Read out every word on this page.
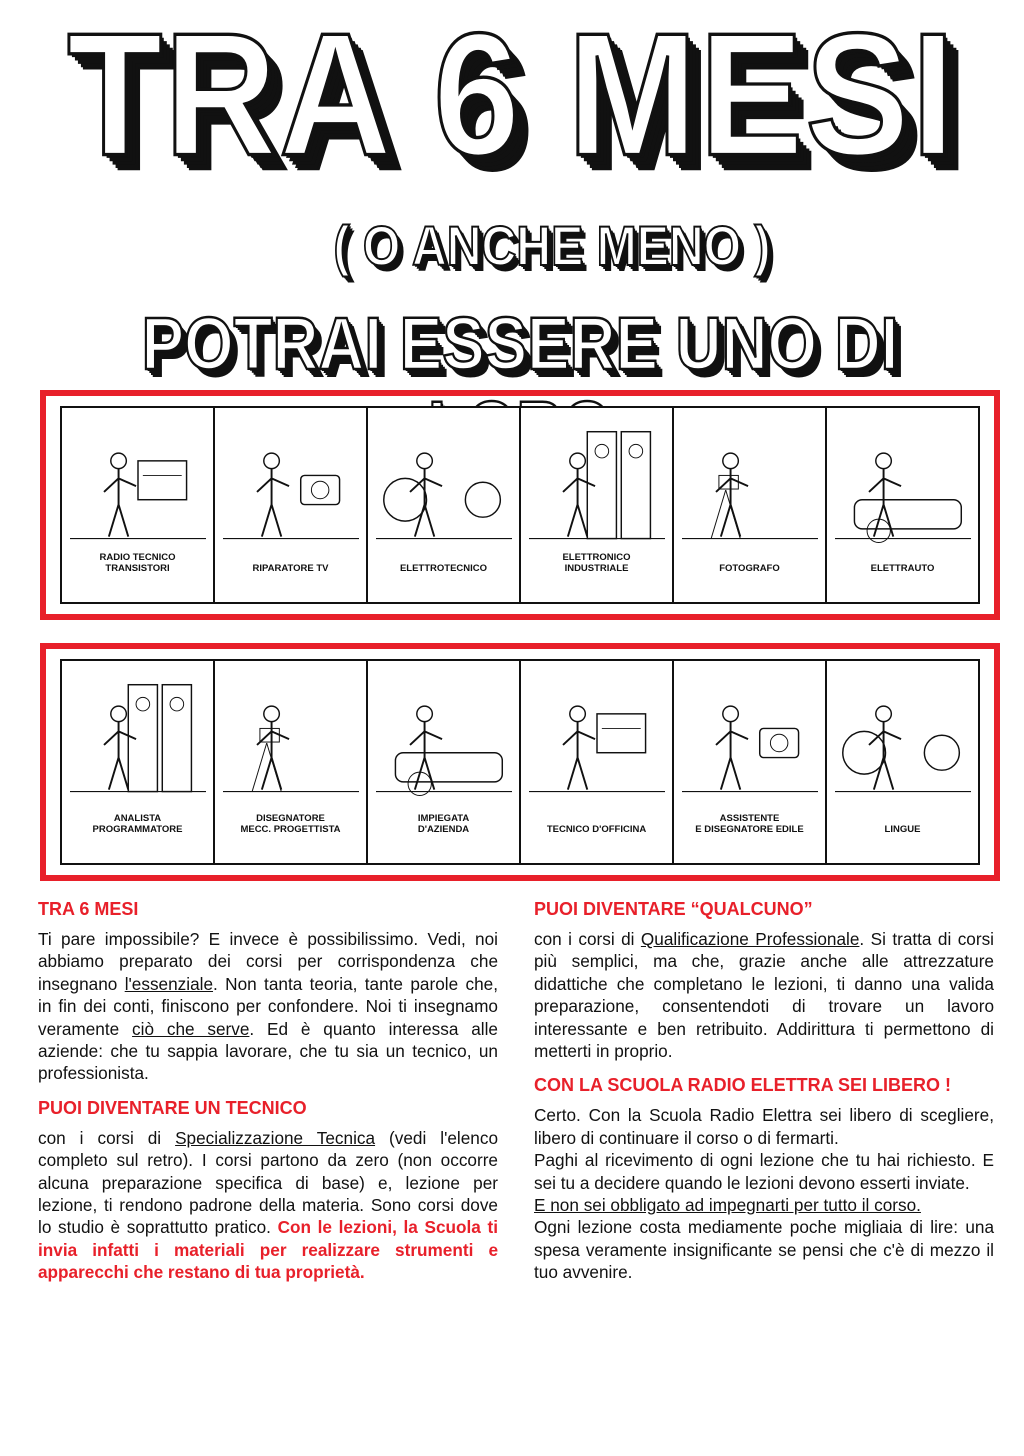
TRA 6 MESI
( O ANCHE MENO )
POTRAI ESSERE UNO DI
RADIO TECNICO
TRANSISTORI	RIPARATORE TV	ELETTROTECNICO
ELETTRONICO
INDUSTRIALE	FOTOGRAFO	ELETTRAUTO
ANALISTA
PROGRAMMATORE
DISEGNATORE
MECC. PROGETTISTA
IMPIEGATA
D'AZIENDA	TECNICO D'OFFICINA
ASSISTENTE
E DISEGNATORE EDILE	LINGUE
TRA 6 MESI

Ti pare impossibile? E invece è possibilissimo. Vedi, noi abbiamo preparato dei corsi per corrispondenza che insegnano l'essenziale. Non tanta teoria, tante parole che, in fin dei conti, finiscono per confondere. Noi ti insegnamo veramente ciò che serve. Ed è quanto interessa alle aziende: che tu sappia lavorare, che tu sia un tecnico, un professionista.

PUOI DIVENTARE UN TECNICO

con i corsi di Specializzazione Tecnica (vedi l'elenco completo sul retro). I corsi partono da zero (non occorre alcuna preparazione specifica di base) e, lezione per lezione, ti rendono padrone della materia. Sono corsi dove lo studio è soprattutto pratico. Con le lezioni, la Scuola ti invia infatti i materiali per realizzare strumenti e apparecchi che restano di tua proprietà.

PUOI DIVENTARE “QUALCUNO”

con i corsi di Qualificazione Professionale. Si tratta di corsi più semplici, ma che, grazie anche alle attrezzature didattiche che completano le lezioni, ti danno una valida preparazione, consentendoti di trovare un lavoro interessante e ben retribuito. Addirittura ti permettono di metterti in proprio.

CON LA SCUOLA RADIO ELETTRA SEI LIBERO !

Certo. Con la Scuola Radio Elettra sei libero di scegliere, libero di continuare il corso o di fermarti.

Paghi al ricevimento di ogni lezione che tu hai richiesto. E sei tu a decidere quando le lezioni devono esserti inviate.

E non sei obbligato ad impegnarti per tutto il corso.

Ogni lezione costa mediamente poche migliaia di lire: una spesa veramente insignificante se pensi che c'è di mezzo il tuo avvenire.
